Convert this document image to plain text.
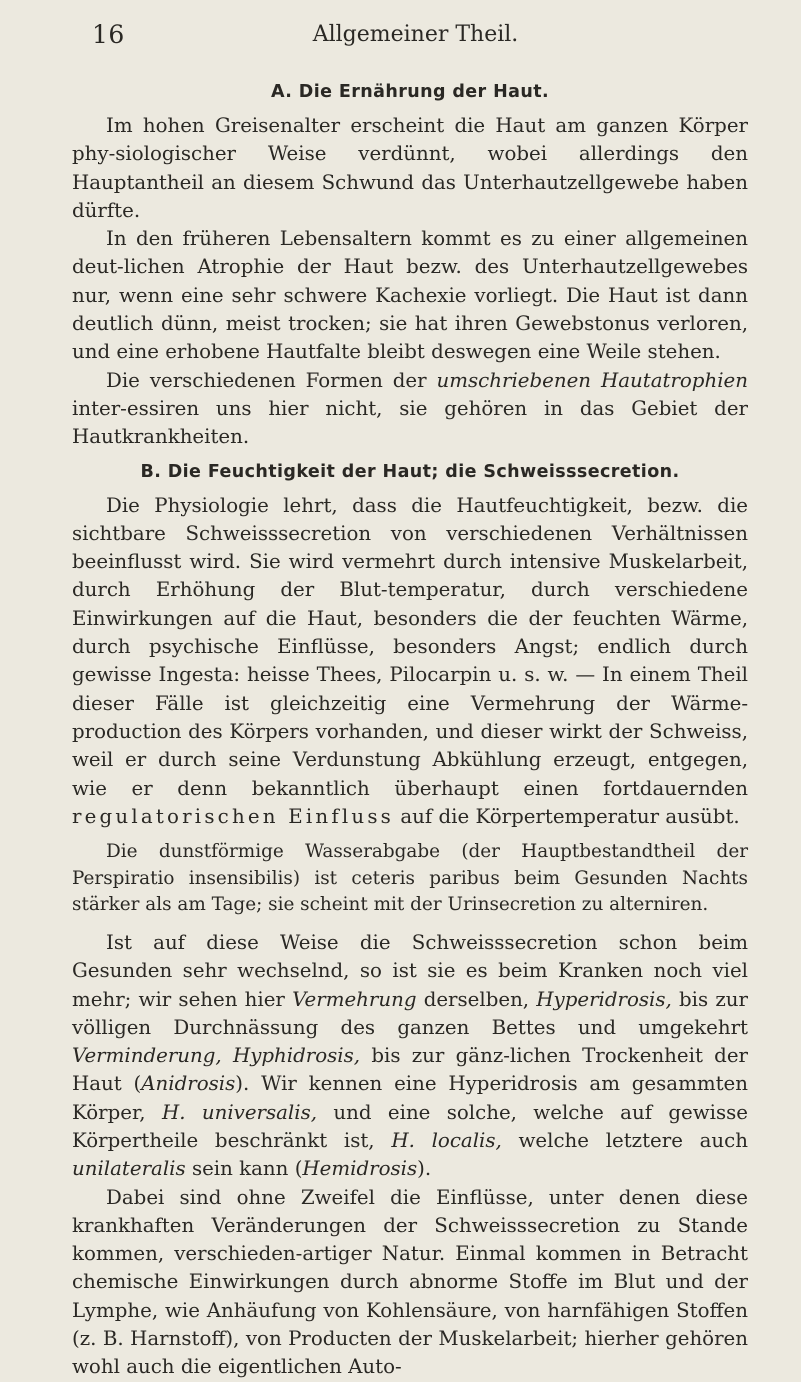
16	Allgemeiner Theil.
A. Die Ernährung der Haut.

Im hohen Greisenalter erscheint die Haut am ganzen Körper phy-siologischer Weise verdünnt, wobei allerdings den Hauptantheil an diesem Schwund das Unterhautzellgewebe haben dürfte.

In den früheren Lebensaltern kommt es zu einer allgemeinen deut-lichen Atrophie der Haut bezw. des Unterhautzellgewebes nur, wenn eine sehr schwere Kachexie vorliegt. Die Haut ist dann deutlich dünn, meist trocken; sie hat ihren Gewebstonus verloren, und eine erhobene Hautfalte bleibt deswegen eine Weile stehen.

Die verschiedenen Formen der umschriebenen Hautatrophien inter-essiren uns hier nicht, sie gehören in das Gebiet der Hautkrankheiten.

B. Die Feuchtigkeit der Haut; die Schweisssecretion.

Die Physiologie lehrt, dass die Hautfeuchtigkeit, bezw. die sichtbare Schweisssecretion von verschiedenen Verhältnissen beeinflusst wird. Sie wird vermehrt durch intensive Muskelarbeit, durch Erhöhung der Blut-temperatur, durch verschiedene Einwirkungen auf die Haut, besonders die der feuchten Wärme, durch psychische Einflüsse, besonders Angst; endlich durch gewisse Ingesta: heisse Thees, Pilocarpin u. s. w. — In einem Theil dieser Fälle ist gleichzeitig eine Vermehrung der Wärme-production des Körpers vorhanden, und dieser wirkt der Schweiss, weil er durch seine Verdunstung Abkühlung erzeugt, entgegen, wie er denn bekanntlich überhaupt einen fortdauernden regulatorischen Einfluss auf die Körpertemperatur ausübt.

Die dunstförmige Wasserabgabe (der Hauptbestandtheil der Perspiratio insensibilis) ist ceteris paribus beim Gesunden Nachts stärker als am Tage; sie scheint mit der Urinsecretion zu alterniren.

Ist auf diese Weise die Schweisssecretion schon beim Gesunden sehr wechselnd, so ist sie es beim Kranken noch viel mehr; wir sehen hier Vermehrung derselben, Hyperidrosis, bis zur völligen Durchnässung des ganzen Bettes und umgekehrt Verminderung, Hyphidrosis, bis zur gänz-lichen Trockenheit der Haut (Anidrosis). Wir kennen eine Hyperidrosis am gesammten Körper, H. universalis, und eine solche, welche auf gewisse Körpertheile beschränkt ist, H. localis, welche letztere auch unilateralis sein kann (Hemidrosis).

Dabei sind ohne Zweifel die Einflüsse, unter denen diese krankhaften Veränderungen der Schweisssecretion zu Stande kommen, verschieden-artiger Natur. Einmal kommen in Betracht chemische Einwirkungen durch abnorme Stoffe im Blut und der Lymphe, wie Anhäufung von Kohlensäure, von harnfähigen Stoffen (z. B. Harnstoff), von Producten der Muskelarbeit; hierher gehören wohl auch die eigentlichen Auto-
